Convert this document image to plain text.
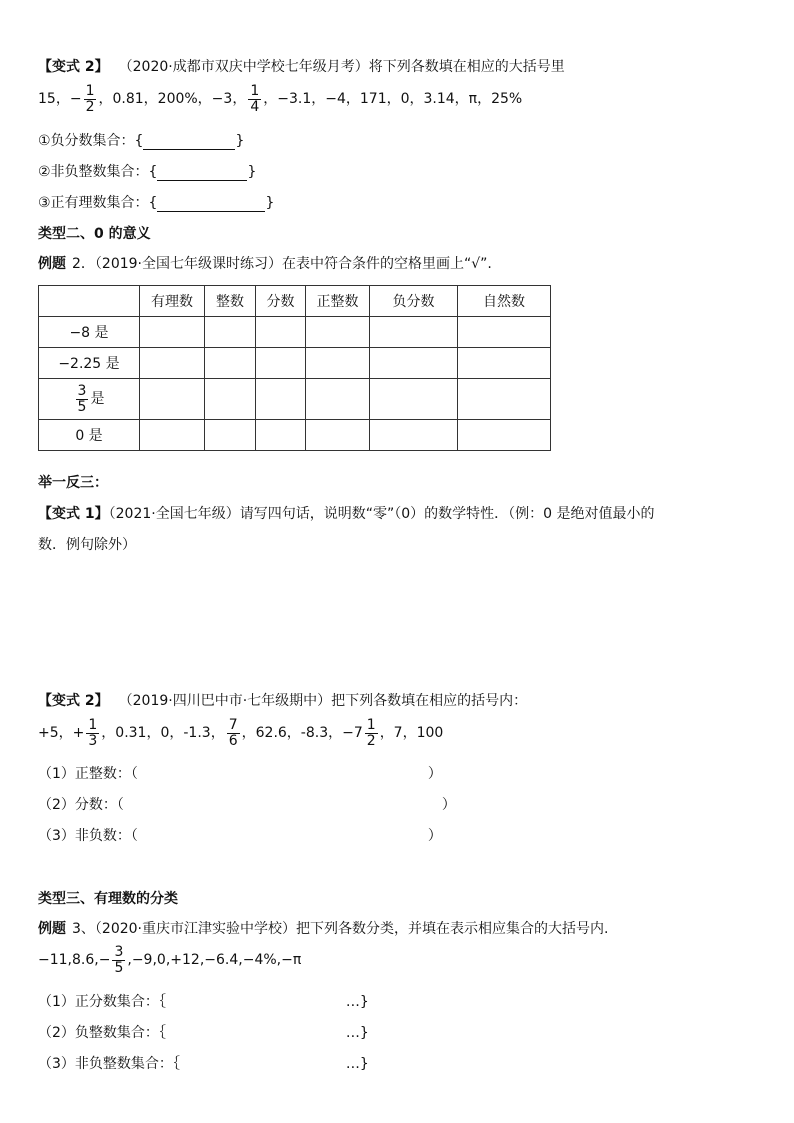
【变式 2】 （2020·成都市双庆中学校七年级月考）将下列各数填在相应的大括号里
15，− $\frac{1}{2}$ ，0.81，200%，−3， $\frac{1}{4}$ ，−3.1，−4，171，0，3.14，π，25%
①负分数集合：{	}
②非负整数集合：{	}
③正有理数集合：{	}
类型二、0 的意义
例题 2．（2019·全国七年级课时练习）在表中符合条件的空格里画上“√”.
	有理数	整数	分数	正整数	负分数	自然数
−8 是						
−2.25 是						

$\frac{3}{5}$ 是						
0 是						
举一反三：
【变式 1】（2021·全国七年级）请写四句话，说明数“零”（0）的数学特性．（例：0 是绝对值最小的
数．例句除外）
【变式 2】 （2019·四川巴中市·七年级期中）把下列各数填在相应的括号内：
+5，+ $\frac{1}{3}$ ，0.31，0，-1.3， $\frac{7}{6}$ ，62.6，-8.3，$-7 \frac{1}{2}$ ，7，100
（1）正整数：（	）
（2）分数：（	）
（3）非负数：（	）
类型三、有理数的分类
例题 3、（2020·重庆市江津实验中学校）把下列各数分类，并填在表示相应集合的大括号内.
$-11,8.6,- \frac{3}{5} ,-9,0,+12,-6.4,-4\%,-\pi$
（1）正分数集合：｛	…}
（2）负整数集合：｛	…}
（3）非负整数集合：｛	…}
